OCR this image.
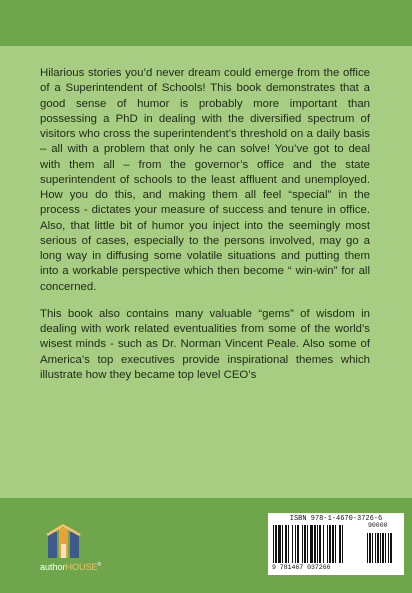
Hilarious stories you’d never dream could emerge from the office of a Superintendent of Schools! This book demonstrates that a good sense of humor is probably more important than possessing a PhD in dealing with the diversified spectrum of visitors who cross the superintendent’s threshold on a daily basis – all with a problem that only he can solve! You’ve got to deal with them all – from the governor’s office and the state superintendent of schools to the least affluent and unemployed. How you do this, and making them all feel “special” in the process - dictates your measure of success and tenure in office. Also, that little bit of humor you inject into the seemingly most serious of cases, especially to the persons involved, may go a long way in diffusing some volatile situations and putting them into a workable perspective which then become “ win-win” for all concerned.

This book also contains many valuable “gems” of wisdom in dealing with work related eventualities from some of the world’s wisest minds - such as Dr. Norman Vincent Peale. Also some of America’s top executives provide inspirational themes which illustrate how they became top level CEO’s

authorHOUSE®
ISBN 978-1-4670-3726-6
9 781467 037266
90000
